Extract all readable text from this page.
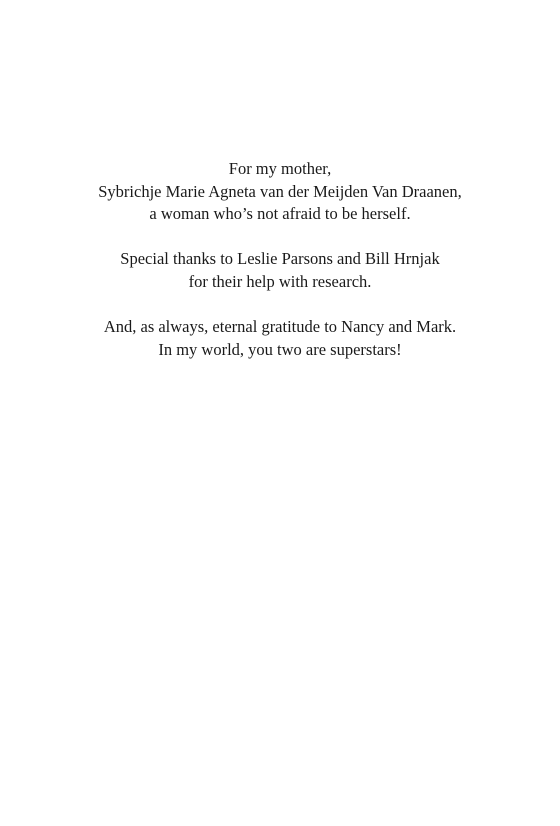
For my mother,
Sybrichje Marie Agneta van der Meijden Van Draanen,
a woman who’s not afraid to be herself.

Special thanks to Leslie Parsons and Bill Hrnjak
for their help with research.

And, as always, eternal gratitude to Nancy and Mark.
In my world, you two are superstars!
